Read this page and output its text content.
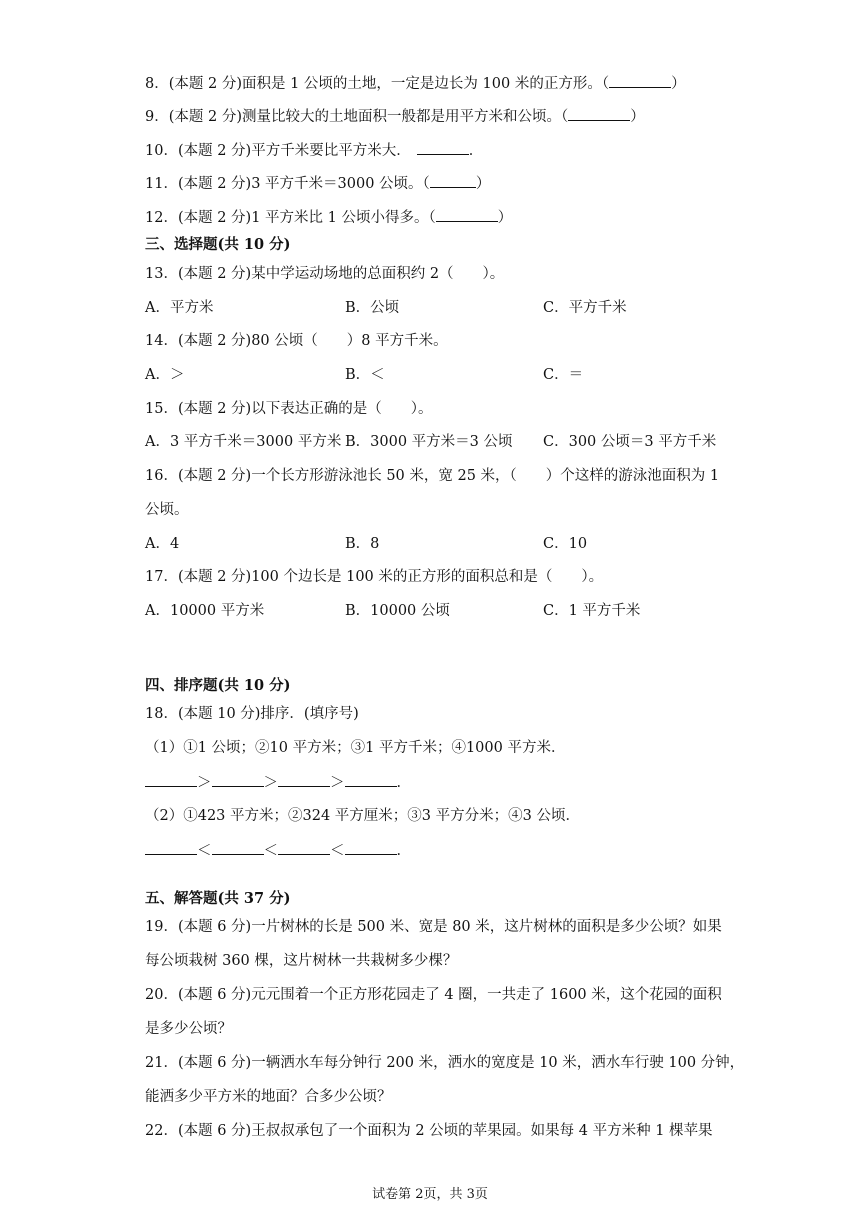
8．(本题 2 分)面积是 1 公顷的土地，一定是边长为 100 米的正方形。（	）
9．(本题 2 分)测量比较大的土地面积一般都是用平方米和公顷。（	）
10．(本题 2 分)平方千米要比平方米大．	．
11．(本题 2 分)3 平方千米＝3000 公顷。（	）
12．(本题 2 分)1 平方米比 1 公顷小得多。（	）
三、选择题(共 10 分)
13．(本题 2 分)某中学运动场地的总面积约 2（　　）。
A．平方米	B．公顷	C．平方千米
14．(本题 2 分)80 公顷（　　）8 平方千米。
A．＞	B．＜	C．＝
15．(本题 2 分)以下表达正确的是（　　）。
A．3 平方千米＝3000 平方米 B．3000 平方米＝3 公顷 C．300 公顷＝3 平方千米
16．(本题 2 分)一个长方形游泳池长 50 米，宽 25 米，（　　）个这样的游泳池面积为 1
公顷。
A．4	B．8	C．10
17．(本题 2 分)100 个边长是 100 米的正方形的面积总和是（　　）。
A．10000 平方米	B．10000 公顷	C．1 平方千米
四、排序题(共 10 分)
18．(本题 10 分)排序．(填序号)
（1）①1 公顷；②10 平方米；③1 平方千米；④1000 平方米．
＞	＞	＞	．
（2）①423 平方米；②324 平方厘米；③3 平方分米；④3 公顷．
＜	＜	＜	．
五、解答题(共 37 分)
19．(本题 6 分)一片树林的长是 500 米、宽是 80 米，这片树林的面积是多少公顷？如果
每公顷栽树 360 棵，这片树林一共栽树多少棵？
20．(本题 6 分)元元围着一个正方形花园走了 4 圈，一共走了 1600 米，这个花园的面积
是多少公顷？
21．(本题 6 分)一辆洒水车每分钟行 200 米，洒水的宽度是 10 米，洒水车行驶 100 分钟，
能洒多少平方米的地面？合多少公顷？
22．(本题 6 分)王叔叔承包了一个面积为 2 公顷的苹果园。如果每 4 平方米种 1 棵苹果
试卷第 2页，共 3页
